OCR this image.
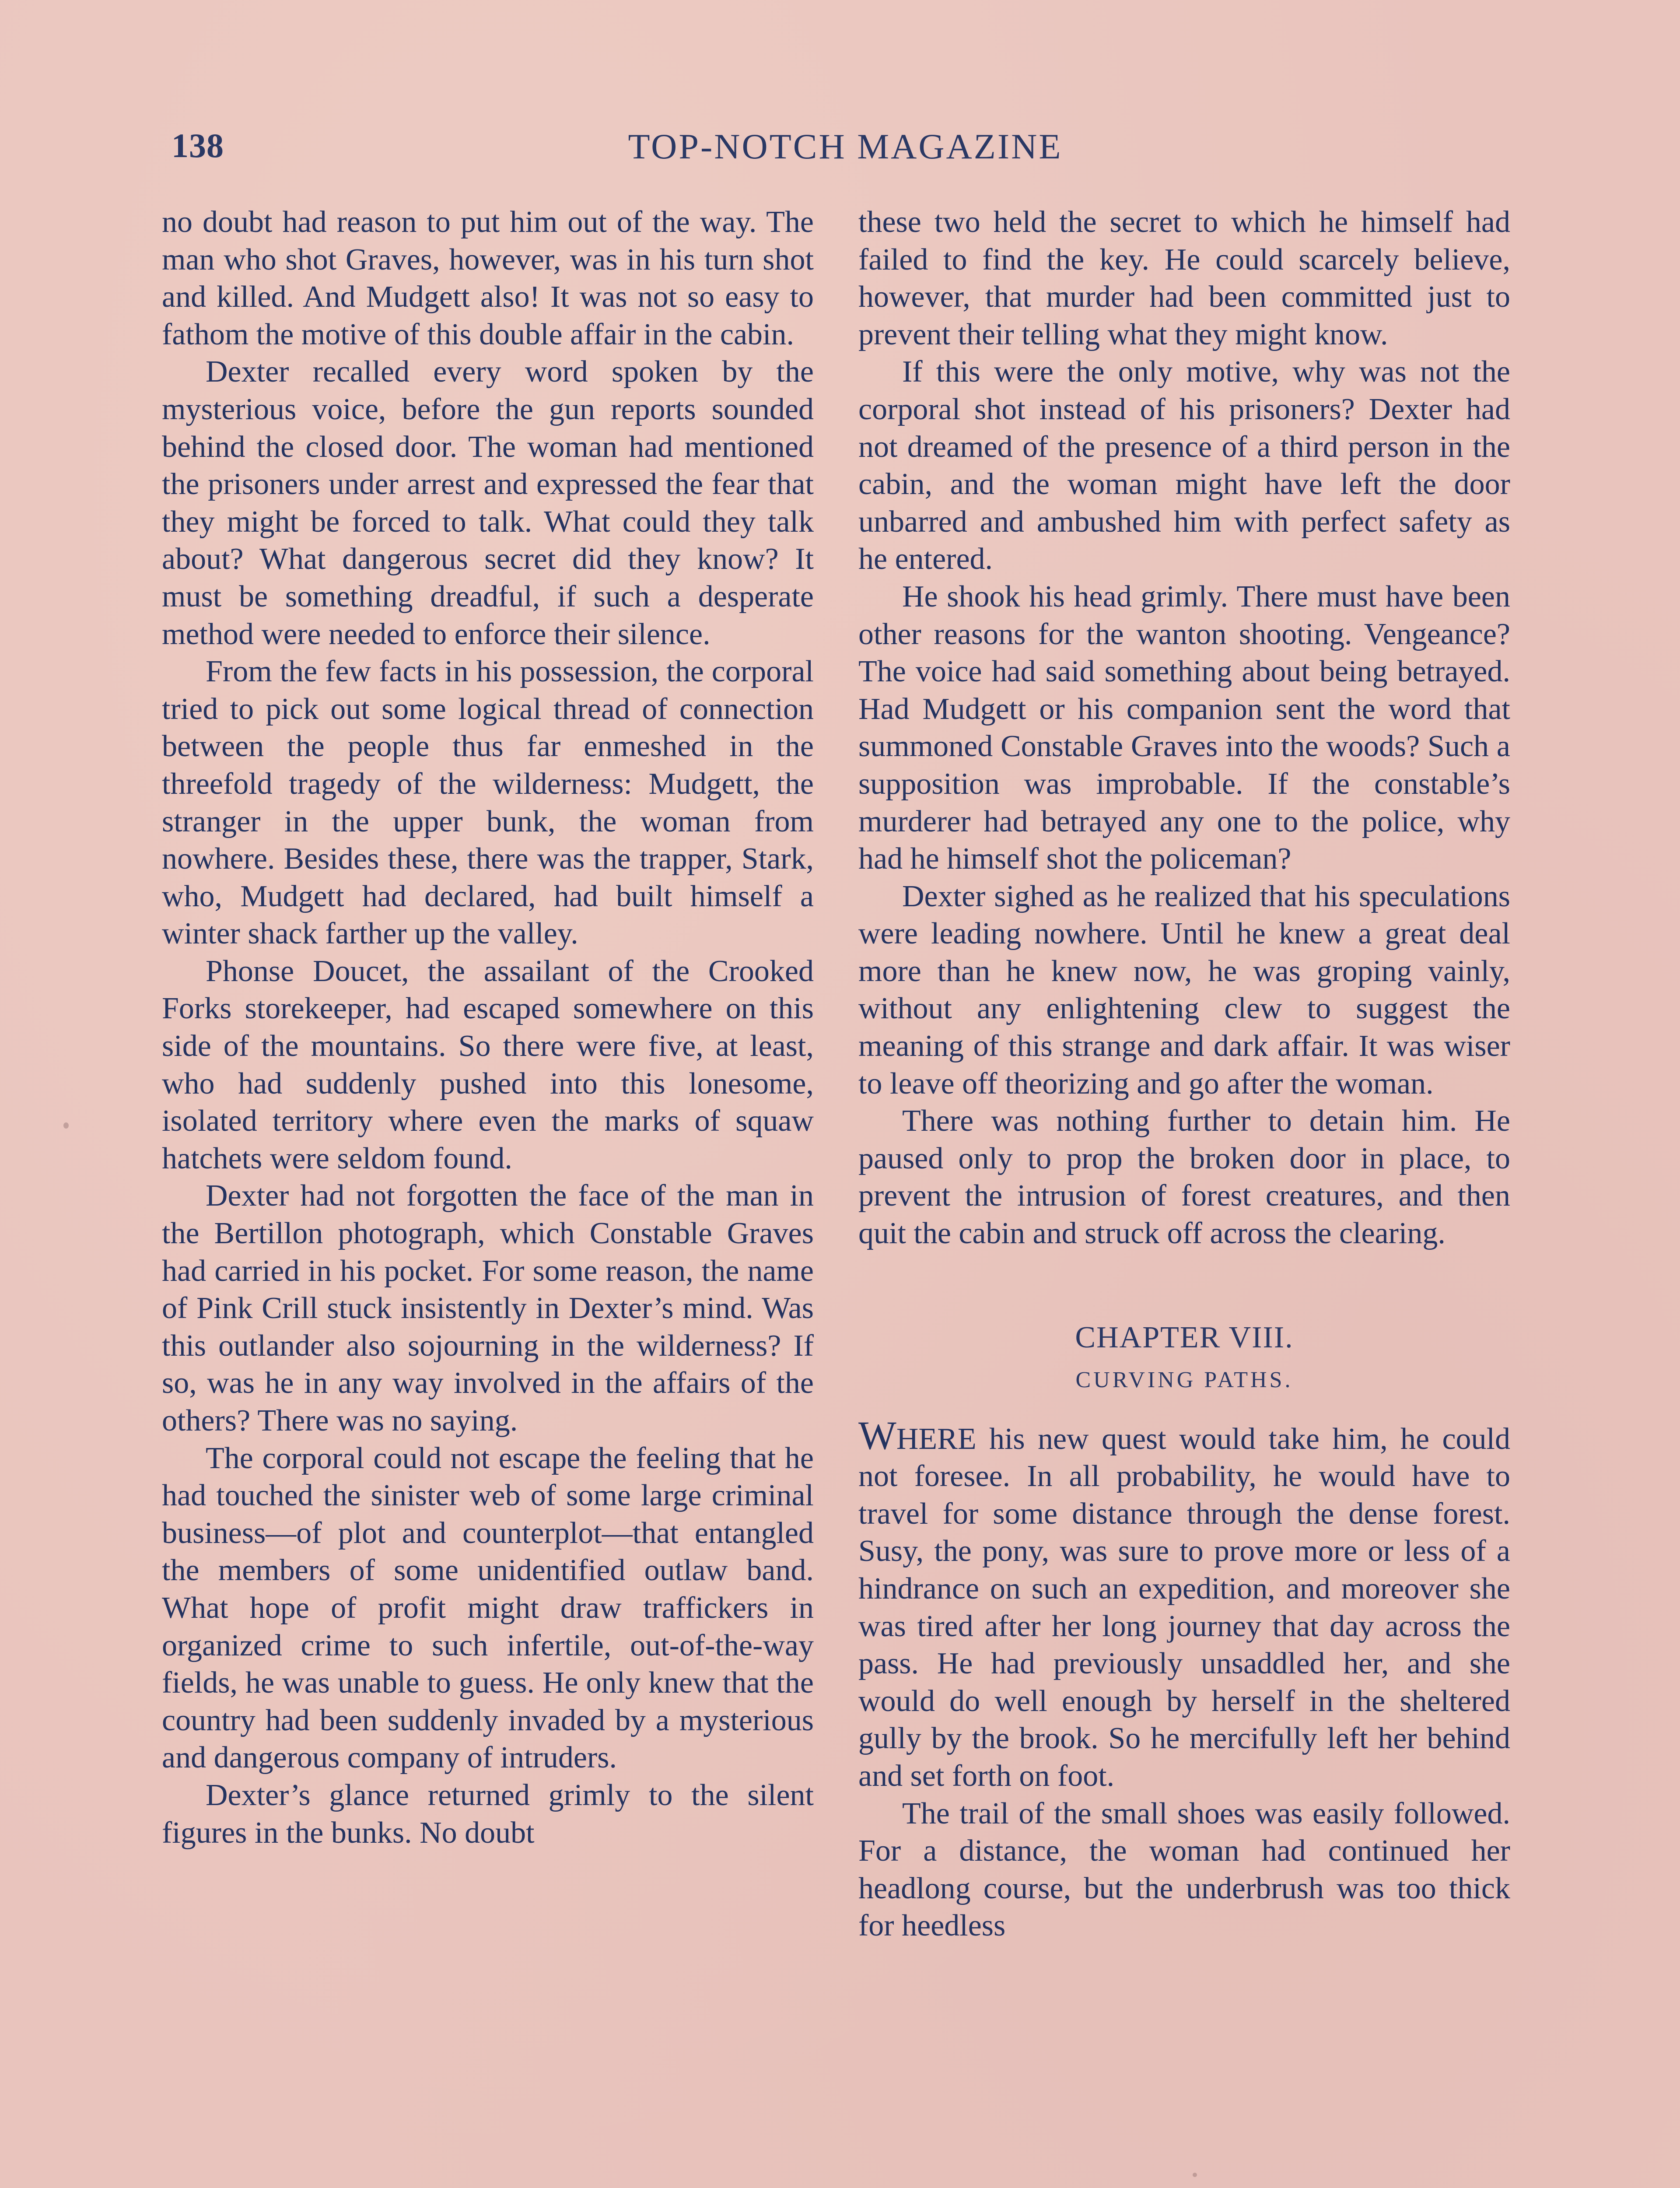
138	TOP-NOTCH MAGAZINE

no doubt had reason to put him out of the way. The man who shot Graves, however, was in his turn shot and killed. And Mudgett also! It was not so easy to fathom the motive of this double affair in the cabin.

Dexter recalled every word spoken by the mysterious voice, before the gun reports sounded behind the closed door. The woman had mentioned the prisoners under arrest and expressed the fear that they might be forced to talk. What could they talk about? What dangerous secret did they know? It must be something dreadful, if such a desperate method were needed to enforce their silence.

From the few facts in his possession, the corporal tried to pick out some logical thread of connection between the people thus far enmeshed in the threefold tragedy of the wilderness: Mudgett, the stranger in the upper bunk, the woman from nowhere. Besides these, there was the trapper, Stark, who, Mudgett had declared, had built himself a winter shack farther up the valley.

Phonse Doucet, the assailant of the Crooked Forks storekeeper, had escaped somewhere on this side of the mountains. So there were five, at least, who had suddenly pushed into this lonesome, isolated territory where even the marks of squaw hatchets were seldom found.

Dexter had not forgotten the face of the man in the Bertillon photograph, which Constable Graves had carried in his pocket. For some reason, the name of Pink Crill stuck insistently in Dexter’s mind. Was this outlander also sojourning in the wilderness? If so, was he in any way involved in the affairs of the others? There was no saying.

The corporal could not escape the feeling that he had touched the sinister web of some large criminal business—of plot and counterplot—that entangled the members of some unidentified outlaw band. What hope of profit might draw traffickers in organized crime to such infertile, out-of-the-way fields, he was unable to guess. He only knew that the country had been suddenly invaded by a mysterious and dangerous company of intruders.

Dexter’s glance returned grimly to the silent figures in the bunks. No doubt

these two held the secret to which he himself had failed to find the key. He could scarcely believe, however, that murder had been committed just to prevent their telling what they might know.

If this were the only motive, why was not the corporal shot instead of his prisoners? Dexter had not dreamed of the presence of a third person in the cabin, and the woman might have left the door unbarred and ambushed him with perfect safety as he entered.

He shook his head grimly. There must have been other reasons for the wanton shooting. Vengeance? The voice had said something about being betrayed. Had Mudgett or his companion sent the word that summoned Constable Graves into the woods? Such a supposition was improbable. If the constable’s murderer had betrayed any one to the police, why had he himself shot the policeman?

Dexter sighed as he realized that his speculations were leading nowhere. Until he knew a great deal more than he knew now, he was groping vainly, without any enlightening clew to suggest the meaning of this strange and dark affair. It was wiser to leave off theorizing and go after the woman.

There was nothing further to detain him. He paused only to prop the broken door in place, to prevent the intrusion of forest creatures, and then quit the cabin and struck off across the clearing.

CHAPTER VIII.
CURVING PATHS.

WHERE his new quest would take him, he could not foresee. In all probability, he would have to travel for some distance through the dense forest. Susy, the pony, was sure to prove more or less of a hindrance on such an expedition, and moreover she was tired after her long journey that day across the pass. He had previously unsaddled her, and she would do well enough by herself in the sheltered gully by the brook. So he mercifully left her behind and set forth on foot.

The trail of the small shoes was easily followed. For a distance, the woman had continued her headlong course, but the underbrush was too thick for heedless
